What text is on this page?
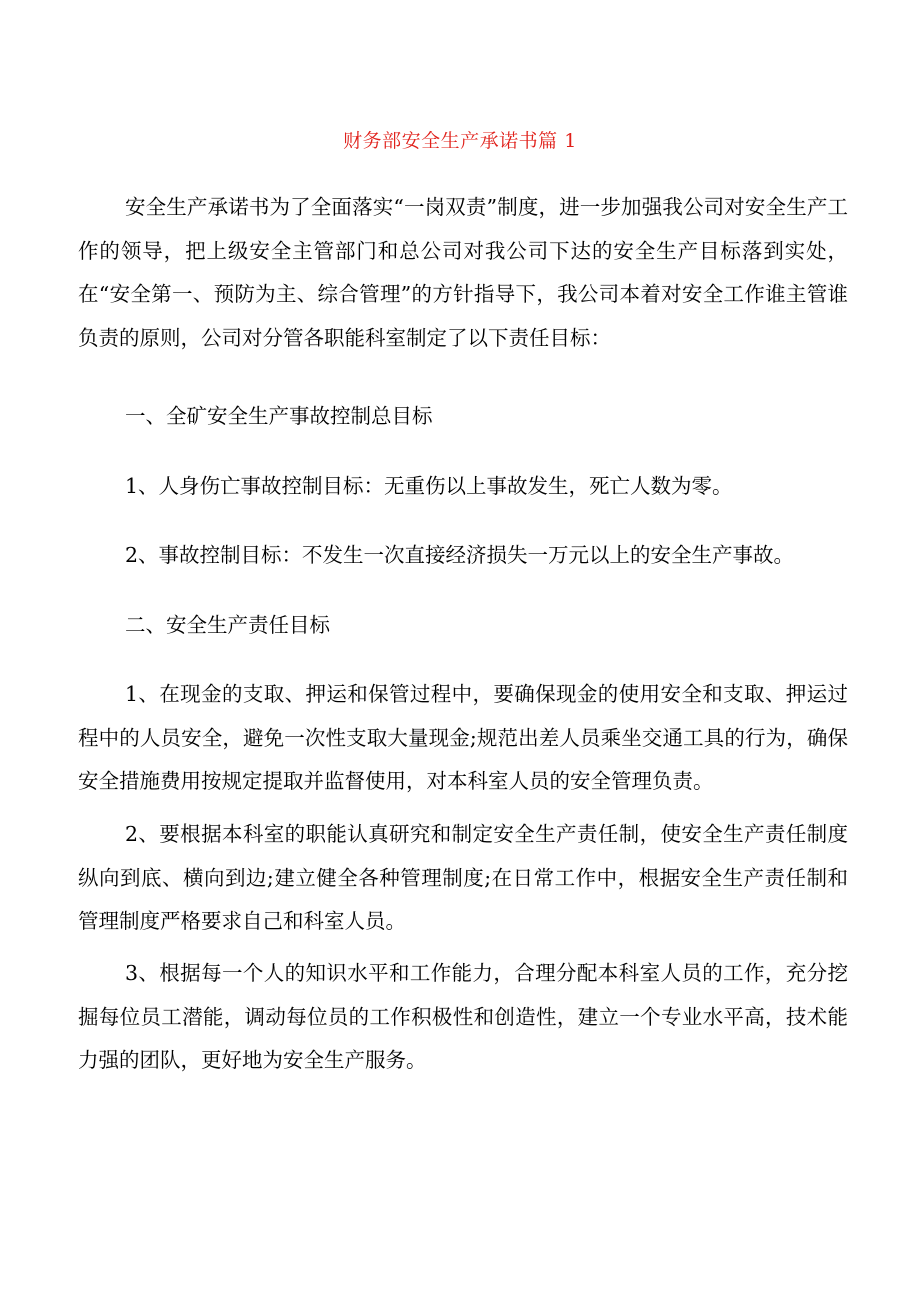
财务部安全生产承诺书篇 1

安全生产承诺书为了全面落实“一岗双责”制度，进一步加强我公司对安全生产工作的领导，把上级安全主管部门和总公司对我公司下达的安全生产目标落到实处，在“安全第一、预防为主、综合管理”的方针指导下，我公司本着对安全工作谁主管谁负责的原则，公司对分管各职能科室制定了以下责任目标：

一、全矿安全生产事故控制总目标

1、人身伤亡事故控制目标：无重伤以上事故发生，死亡人数为零。

2、事故控制目标：不发生一次直接经济损失一万元以上的安全生产事故。

二、安全生产责任目标

1、在现金的支取、押运和保管过程中，要确保现金的使用安全和支取、押运过程中的人员安全，避免一次性支取大量现金;规范出差人员乘坐交通工具的行为，确保安全措施费用按规定提取并监督使用，对本科室人员的安全管理负责。

2、要根据本科室的职能认真研究和制定安全生产责任制，使安全生产责任制度纵向到底、横向到边;建立健全各种管理制度;在日常工作中，根据安全生产责任制和管理制度严格要求自己和科室人员。

3、根据每一个人的知识水平和工作能力，合理分配本科室人员的工作，充分挖掘每位员工潜能，调动每位员的工作积极性和创造性，建立一个专业水平高，技术能力强的团队，更好地为安全生产服务。
